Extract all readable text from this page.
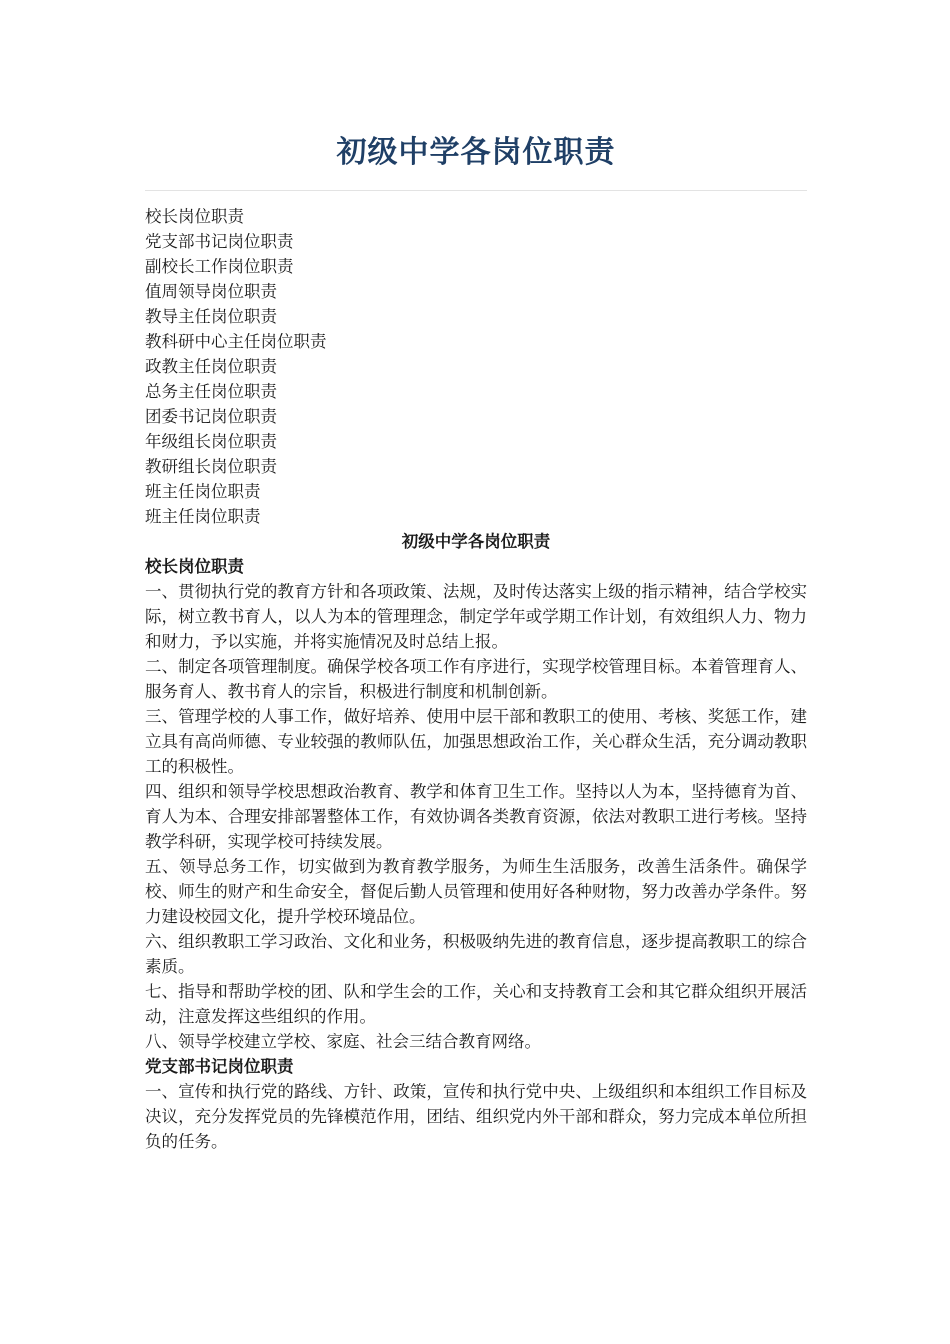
初级中学各岗位职责
校长岗位职责
党支部书记岗位职责
副校长工作岗位职责
值周领导岗位职责
教导主任岗位职责
教科研中心主任岗位职责
政教主任岗位职责
总务主任岗位职责
团委书记岗位职责
年级组长岗位职责
教研组长岗位职责
班主任岗位职责
班主任岗位职责
初级中学各岗位职责
校长岗位职责

一、贯彻执行党的教育方针和各项政策、法规，及时传达落实上级的指示精神，结合学校实际，树立教书育人，以人为本的管理理念，制定学年或学期工作计划，有效组织人力、物力和财力，予以实施，并将实施情况及时总结上报。

二、制定各项管理制度。确保学校各项工作有序进行，实现学校管理目标。本着管理育人、服务育人、教书育人的宗旨，积极进行制度和机制创新。

三、管理学校的人事工作，做好培养、使用中层干部和教职工的使用、考核、奖惩工作，建立具有高尚师德、专业较强的教师队伍，加强思想政治工作，关心群众生活，充分调动教职工的积极性。

四、组织和领导学校思想政治教育、教学和体育卫生工作。坚持以人为本，坚持德育为首、育人为本、合理安排部署整体工作，有效协调各类教育资源，依法对教职工进行考核。坚持教学科研，实现学校可持续发展。

五、领导总务工作，切实做到为教育教学服务，为师生生活服务，改善生活条件。确保学校、师生的财产和生命安全，督促后勤人员管理和使用好各种财物，努力改善办学条件。努力建设校园文化，提升学校环境品位。

六、组织教职工学习政治、文化和业务，积极吸纳先进的教育信息，逐步提高教职工的综合素质。

七、指导和帮助学校的团、队和学生会的工作，关心和支持教育工会和其它群众组织开展活动，注意发挥这些组织的作用。

八、领导学校建立学校、家庭、社会三结合教育网络。

党支部书记岗位职责

一、宣传和执行党的路线、方针、政策，宣传和执行党中央、上级组织和本组织工作目标及决议，充分发挥党员的先锋模范作用，团结、组织党内外干部和群众，努力完成本单位所担负的任务。
